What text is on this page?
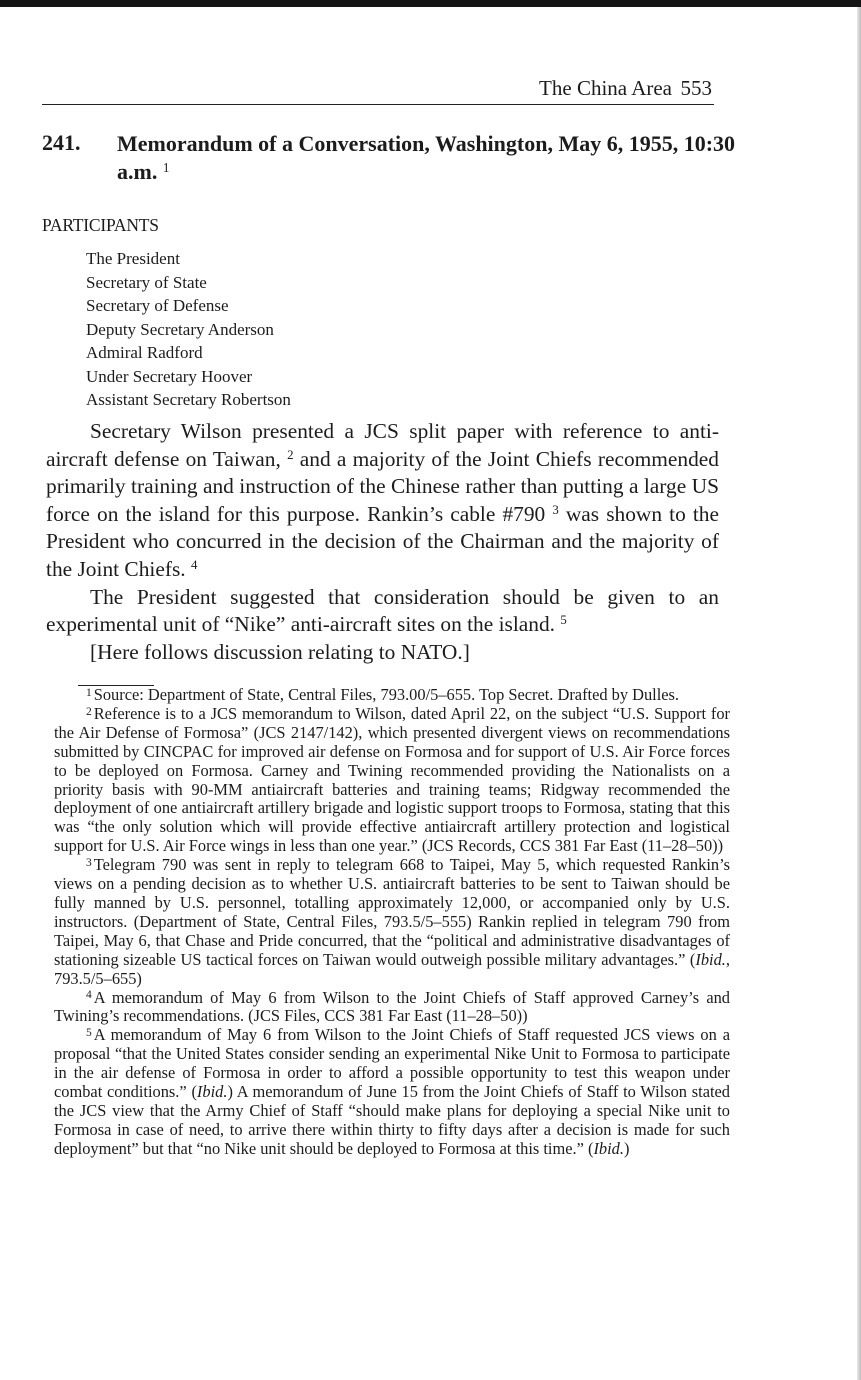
The China Area 553
241. Memorandum of a Conversation, Washington, May 6, 1955, 10:30 a.m. $^1$
PARTICIPANTS
The President
Secretary of State
Secretary of Defense
Deputy Secretary Anderson
Admiral Radford
Under Secretary Hoover
Assistant Secretary Robertson

Secretary Wilson presented a JCS split paper with reference to anti-aircraft defense on Taiwan, $^2$ and a majority of the Joint Chiefs recommended primarily training and instruction of the Chinese rather than putting a large US force on the island for this purpose. Rankin’s cable #790 $^3$ was shown to the President who concurred in the decision of the Chairman and the majority of the Joint Chiefs. $^4$

The President suggested that consideration should be given to an experimental unit of “Nike” anti-aircraft sites on the island. $^5$

[Here follows discussion relating to NATO.]

$^1$ Source: Department of State, Central Files, 793.00/5–655. Top Secret. Drafted by Dulles.

$^2$ Reference is to a JCS memorandum to Wilson, dated April 22, on the subject “U.S. Support for the Air Defense of Formosa” (JCS 2147/142), which presented divergent views on recommendations submitted by CINCPAC for improved air defense on Formosa and for support of U.S. Air Force forces to be deployed on Formosa. Carney and Twining recommended providing the Nationalists on a priority basis with 90-MM antiaircraft batteries and training teams; Ridgway recommended the deployment of one antiaircraft artillery brigade and logistic support troops to Formosa, stating that this was “the only solution which will provide effective antiaircraft artillery protection and logistical support for U.S. Air Force wings in less than one year.” (JCS Records, CCS 381 Far East (11–28–50))

$^3$ Telegram 790 was sent in reply to telegram 668 to Taipei, May 5, which requested Rankin’s views on a pending decision as to whether U.S. antiaircraft batteries to be sent to Taiwan should be fully manned by U.S. personnel, totalling approximately 12,000, or accompanied only by U.S. instructors. (Department of State, Central Files, 793.5/5–555) Rankin replied in telegram 790 from Taipei, May 6, that Chase and Pride concurred, that the “political and administrative disadvantages of stationing sizeable US tactical forces on Taiwan would outweigh possible military advantages.” (Ibid., 793.5/5–655)

$^4$ A memorandum of May 6 from Wilson to the Joint Chiefs of Staff approved Carney’s and Twining’s recommendations. (JCS Files, CCS 381 Far East (11–28–50))

$^5$ A memorandum of May 6 from Wilson to the Joint Chiefs of Staff requested JCS views on a proposal “that the United States consider sending an experimental Nike Unit to Formosa to participate in the air defense of Formosa in order to afford a possible opportunity to test this weapon under combat conditions.” (Ibid.) A memorandum of June 15 from the Joint Chiefs of Staff to Wilson stated the JCS view that the Army Chief of Staff “should make plans for deploying a special Nike unit to Formosa in case of need, to arrive there within thirty to fifty days after a decision is made for such deployment” but that “no Nike unit should be deployed to Formosa at this time.” (Ibid.)
